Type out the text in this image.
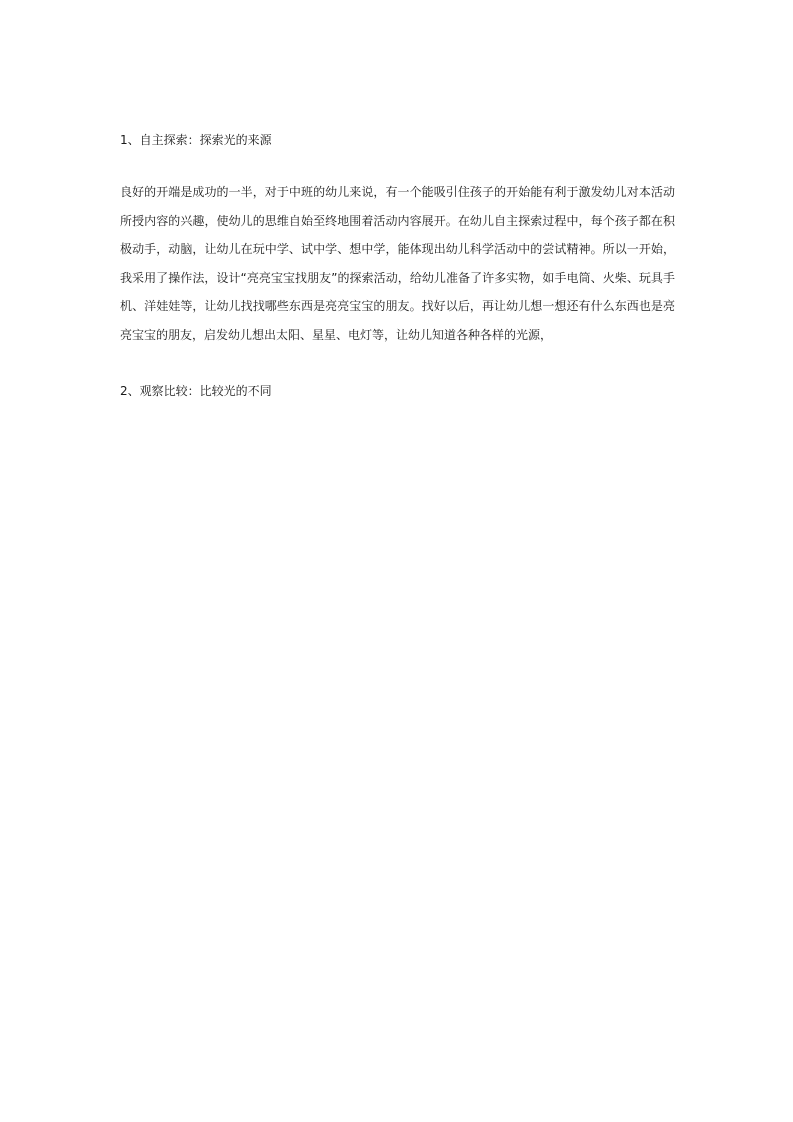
1、自主探索：探索光的来源

良好的开端是成功的一半，对于中班的幼儿来说，有一个能吸引住孩子的开始能有利于激发幼儿对本活动所授内容的兴趣，使幼儿的思维自始至终地围着活动内容展开。在幼儿自主探索过程中，每个孩子都在积极动手，动脑，让幼儿在玩中学、试中学、想中学，能体现出幼儿科学活动中的尝试精神。所以一开始，我采用了操作法，设计“亮亮宝宝找朋友”的探索活动，给幼儿准备了许多实物，如手电筒、火柴、玩具手机、洋娃娃等，让幼儿找找哪些东西是亮亮宝宝的朋友。找好以后，再让幼儿想一想还有什么东西也是亮亮宝宝的朋友，启发幼儿想出太阳、星星、电灯等，让幼儿知道各种各样的光源，

2、观察比较：比较光的不同
